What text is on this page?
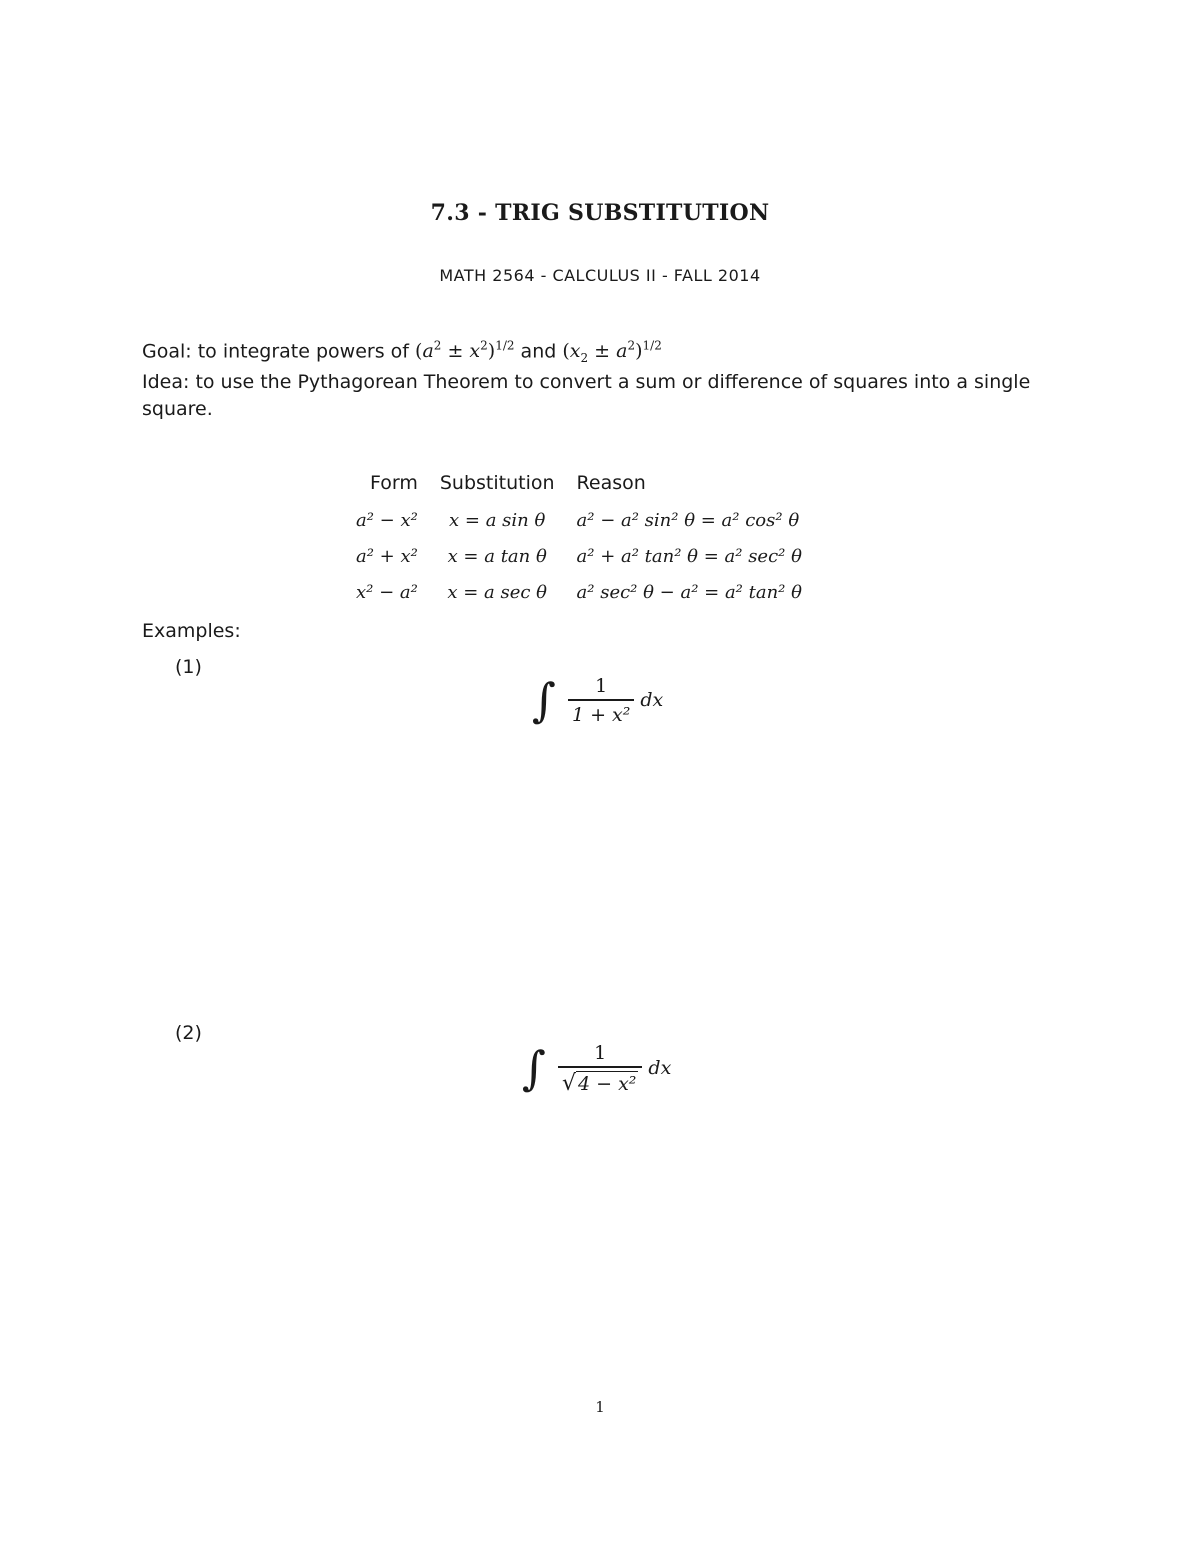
7.3 - TRIG SUBSTITUTION
MATH 2564 - CALCULUS II - FALL 2014
Goal: to integrate powers of $(a^2 \pm x^2)^{1/2}$ and $(x_2 \pm a^2)^{1/2}$
Idea: to use the Pythagorean Theorem to convert a sum or difference of squares into a single square.
Form	Substitution	Reason
a² − x²	x = a sin θ	a² − a² sin² θ = a² cos² θ
a² + x²	x = a tan θ	a² + a² tan² θ = a² sec² θ
x² − a²	x = a sec θ	a² sec² θ − a² = a² tan² θ
Examples:
(1)
∫ $\frac{1}{\text{1 + x²}}$ dx
(2)
∫ $\frac{1}{\text{√ 4 − x²}}$ dx
1
